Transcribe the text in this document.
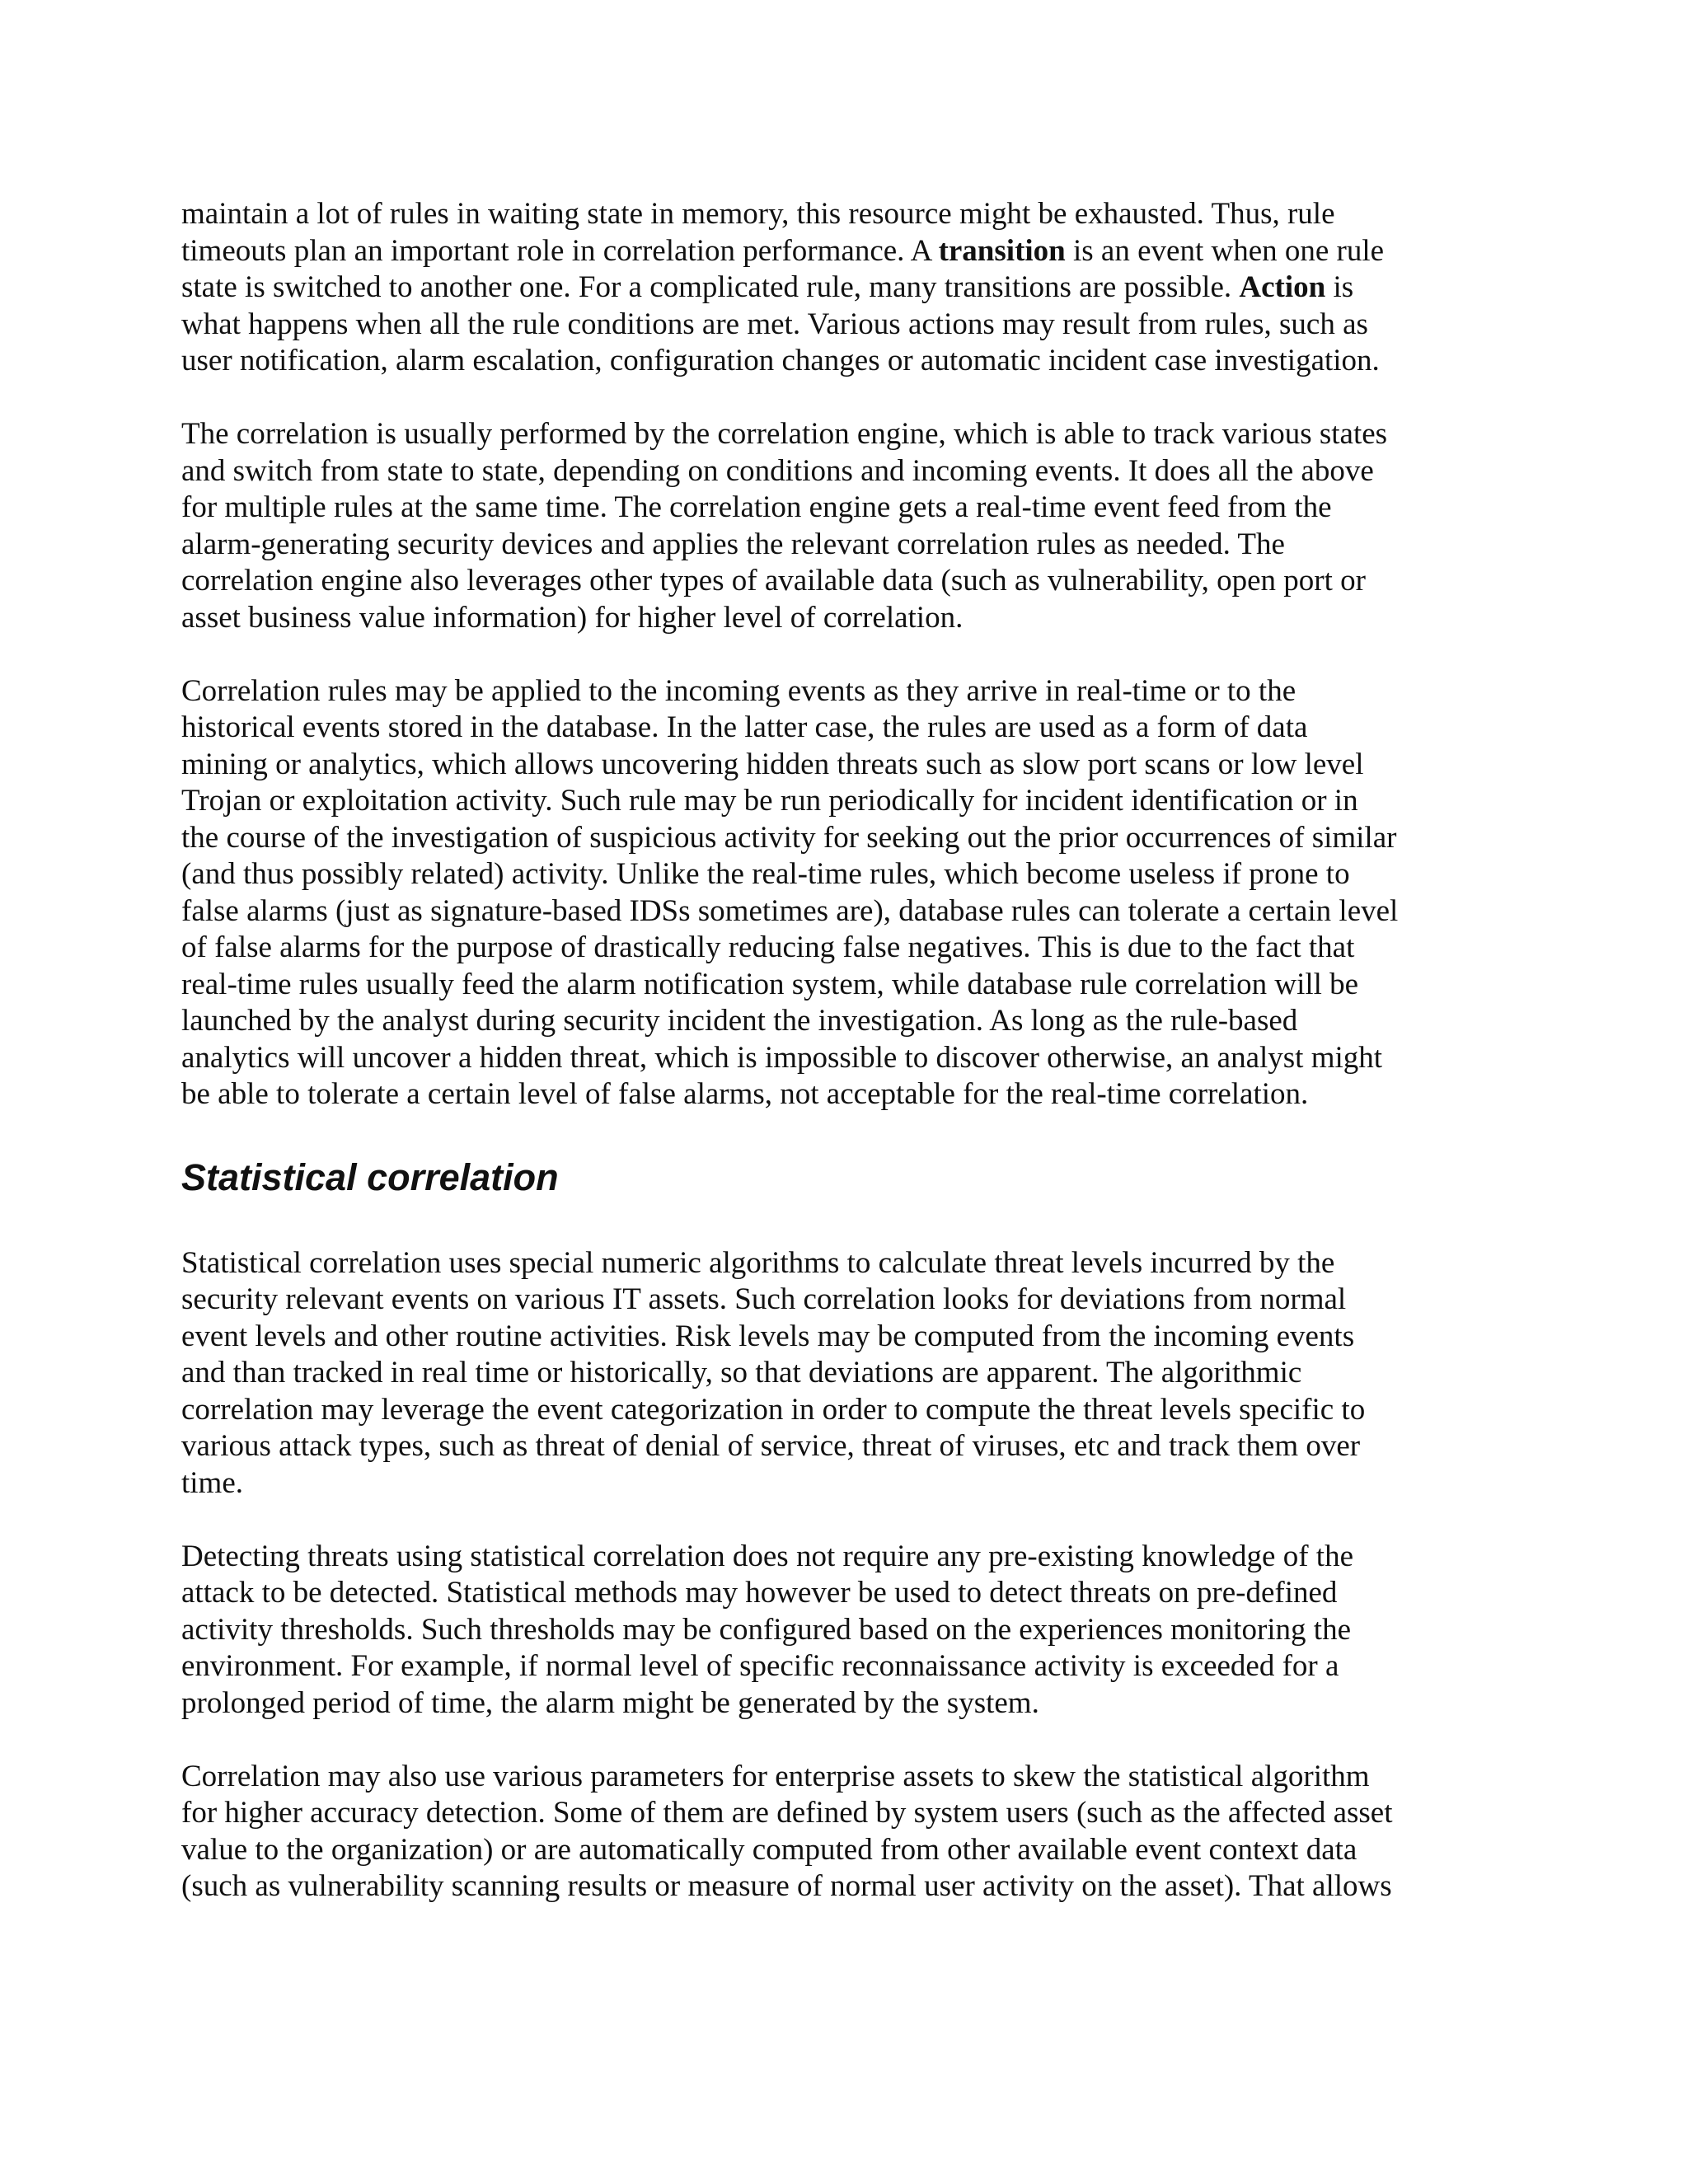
maintain a lot of rules in waiting state in memory, this resource might be exhausted. Thus, rule
timeouts plan an important role in correlation performance. A transition is an event when one rule
state is switched to another one. For a complicated rule, many transitions are possible. Action is
what happens when all the rule conditions are met. Various actions may result from rules, such as
user notification, alarm escalation, configuration changes or automatic incident case investigation.
The correlation is usually performed by the correlation engine, which is able to track various states
and switch from state to state, depending on conditions and incoming events. It does all the above
for multiple rules at the same time. The correlation engine gets a real-time event feed from the
alarm-generating security devices and applies the relevant correlation rules as needed. The
correlation engine also leverages other types of available data (such as vulnerability, open port or
asset business value information) for higher level of correlation.
Correlation rules may be applied to the incoming events as they arrive in real-time or to the
historical events stored in the database. In the latter case, the rules are used as a form of data
mining or analytics, which allows uncovering hidden threats such as slow port scans or low level
Trojan or exploitation activity. Such rule may be run periodically for incident identification or in
the course of the investigation of suspicious activity for seeking out the prior occurrences of similar
(and thus possibly related) activity. Unlike the real-time rules, which become useless if prone to
false alarms (just as signature-based IDSs sometimes are), database rules can tolerate a certain level
of false alarms for the purpose of drastically reducing false negatives. This is due to the fact that
real-time rules usually feed the alarm notification system, while database rule correlation will be
launched by the analyst during security incident the investigation. As long as the rule-based
analytics will uncover a hidden threat, which is impossible to discover otherwise, an analyst might
be able to tolerate a certain level of false alarms, not acceptable for the real-time correlation.
Statistical correlation
Statistical correlation uses special numeric algorithms to calculate threat levels incurred by the
security relevant events on various IT assets. Such correlation looks for deviations from normal
event levels and other routine activities. Risk levels may be computed from the incoming events
and than tracked in real time or historically, so that deviations are apparent. The algorithmic
correlation may leverage the event categorization in order to compute the threat levels specific to
various attack types, such as threat of denial of service, threat of viruses, etc and track them over
time.
Detecting threats using statistical correlation does not require any pre-existing knowledge of the
attack to be detected. Statistical methods may however be used to detect threats on pre-defined
activity thresholds. Such thresholds may be configured based on the experiences monitoring the
environment. For example, if normal level of specific reconnaissance activity is exceeded for a
prolonged period of time, the alarm might be generated by the system.
Correlation may also use various parameters for enterprise assets to skew the statistical algorithm
for higher accuracy detection. Some of them are defined by system users (such as the affected asset
value to the organization) or are automatically computed from other available event context data
(such as vulnerability scanning results or measure of normal user activity on the asset). That allows
